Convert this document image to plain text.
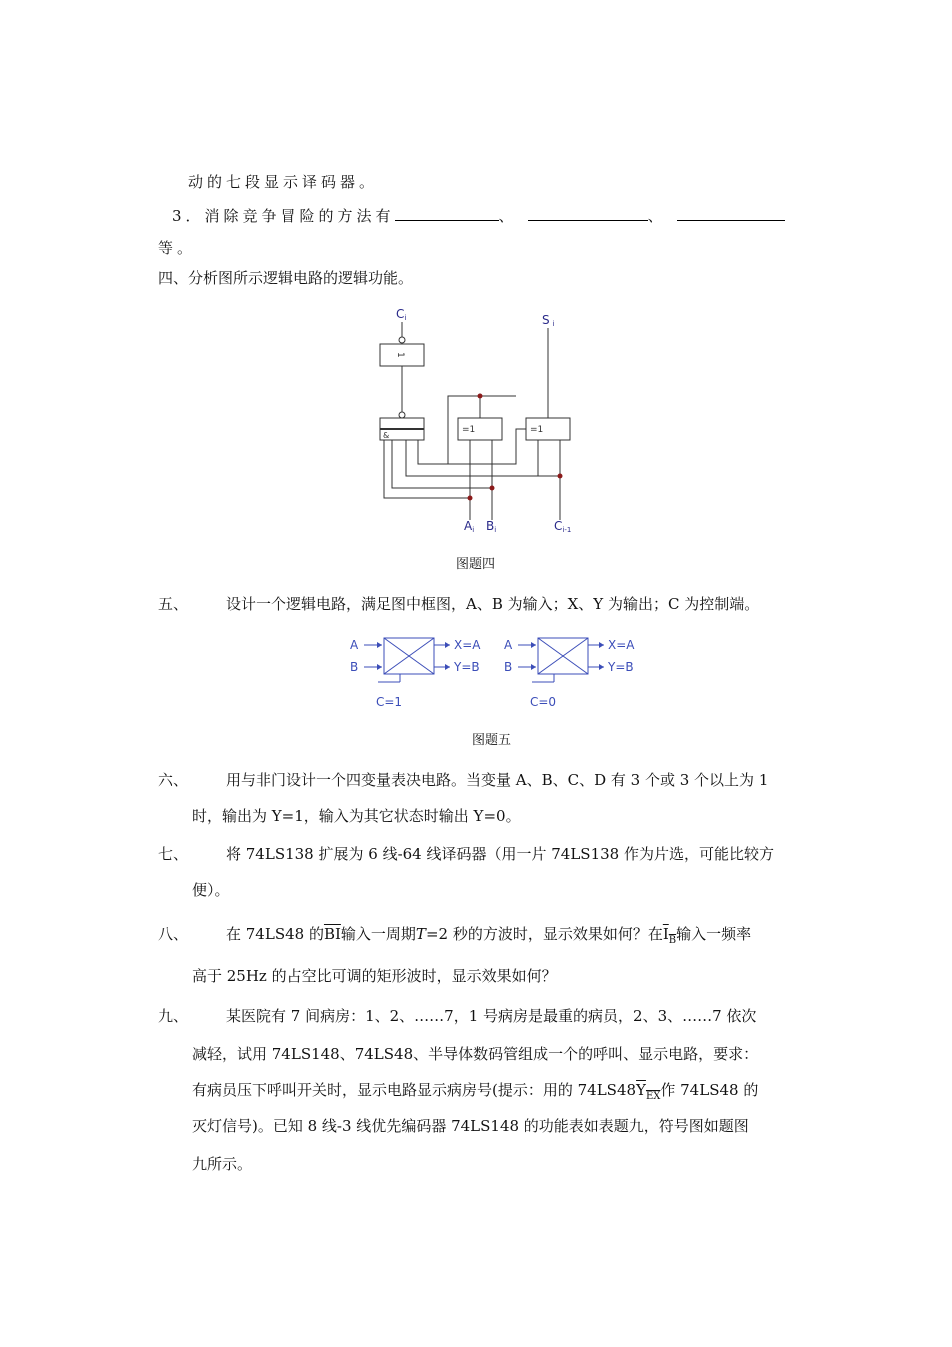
动的七段显示译码器。
3．消除竞争冒险的方法有	、	、
等。
四、分析图所示逻辑电路的逻辑功能。
Ci	Si
Ai Bi	Ci-1
1
&
=1	=1
图题四
五、	设计一个逻辑电路，满足图中框图，A、B 为输入；X、Y 为输出；C 为控制端。
A
B
X=A
Y=B
C=1
A
B
X=A
Y=B
C=0
图题五
六、	用与非门设计一个四变量表决电路。当变量 A、B、C、D 有 3 个或 3 个以上为 1
时，输出为 Y=1，输入为其它状态时输出 Y=0。
七、	将 74LS138 扩展为 6 线-64 线译码器（用一片 74LS138 作为片选，可能比较方
便）。
八、	在 74LS48 的$\overline{BI}$输入一周期T=2 秒的方波时，显示效果如何？在$I_B$输入一频率
高于 25Hz 的占空比可调的矩形波时，显示效果如何？
九、	某医院有 7 间病房：1、2、……7，1 号病房是最重的病员，2、3、……7 依次
减轻，试用 74LS148、74LS48、半导体数码管组成一个的呼叫、显示电路，要求：
有病员压下呼叫开关时，显示电路显示病房号(提示：用的 $74LS48Y_{EX}$作 74LS48 的
灭灯信号)。已知 8 线-3 线优先编码器 74LS148 的功能表如表题九，符号图如题图
九所示。
